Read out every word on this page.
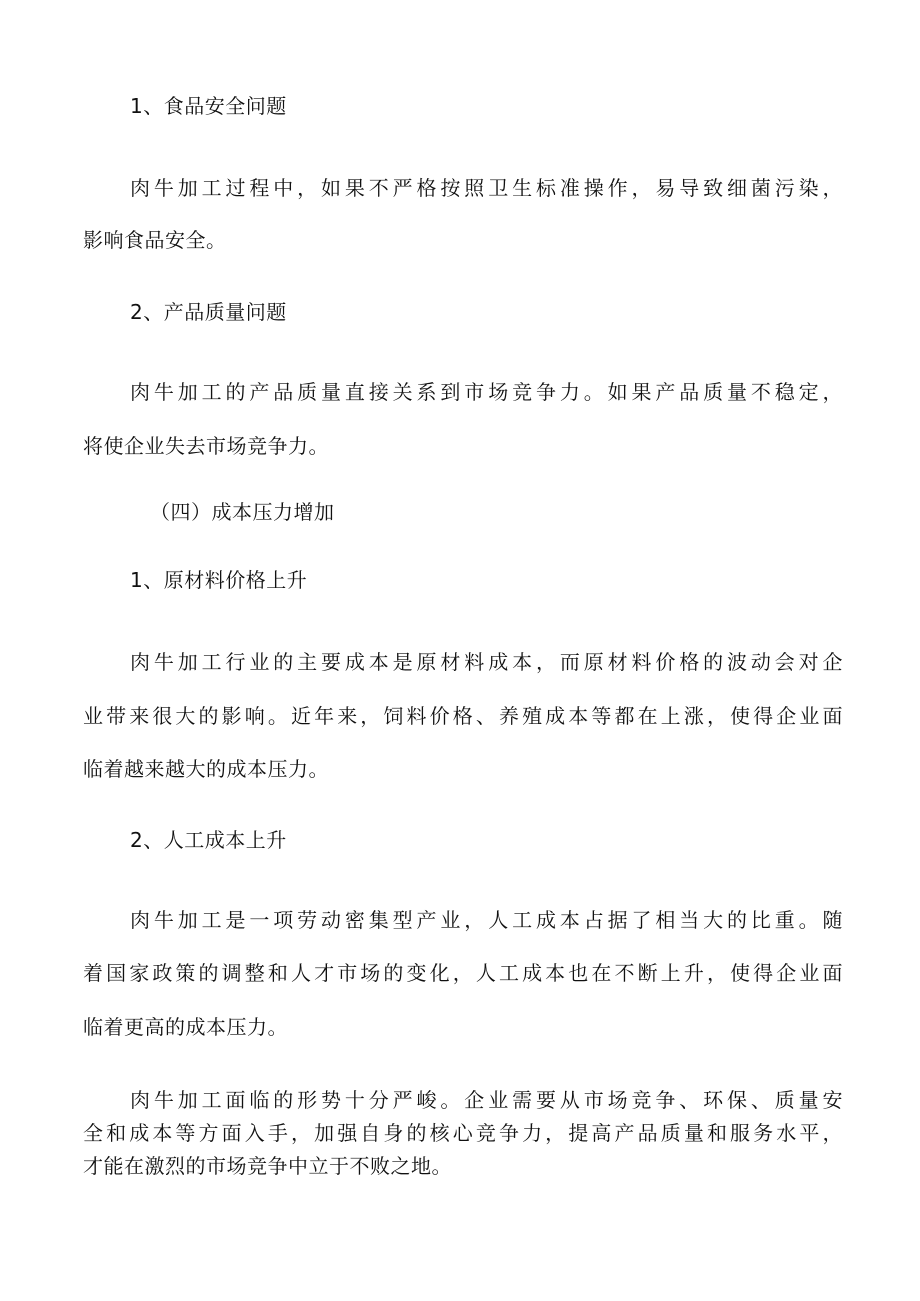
1、食品安全问题
肉牛加工过程中，如果不严格按照卫生标准操作，易导致细菌污染，
影响食品安全。
2、产品质量问题
肉牛加工的产品质量直接关系到市场竞争力。如果产品质量不稳定，
将使企业失去市场竞争力。
（四）成本压力增加
1、原材料价格上升
肉牛加工行业的主要成本是原材料成本，而原材料价格的波动会对企
业带来很大的影响。近年来，饲料价格、养殖成本等都在上涨，使得企业面
临着越来越大的成本压力。
2、人工成本上升
肉牛加工是一项劳动密集型产业，人工成本占据了相当大的比重。随
着国家政策的调整和人才市场的变化，人工成本也在不断上升，使得企业面
临着更高的成本压力。
肉牛加工面临的形势十分严峻。企业需要从市场竞争、环保、质量安
全和成本等方面入手，加强自身的核心竞争力，提高产品质量和服务水平，
才能在激烈的市场竞争中立于不败之地。
